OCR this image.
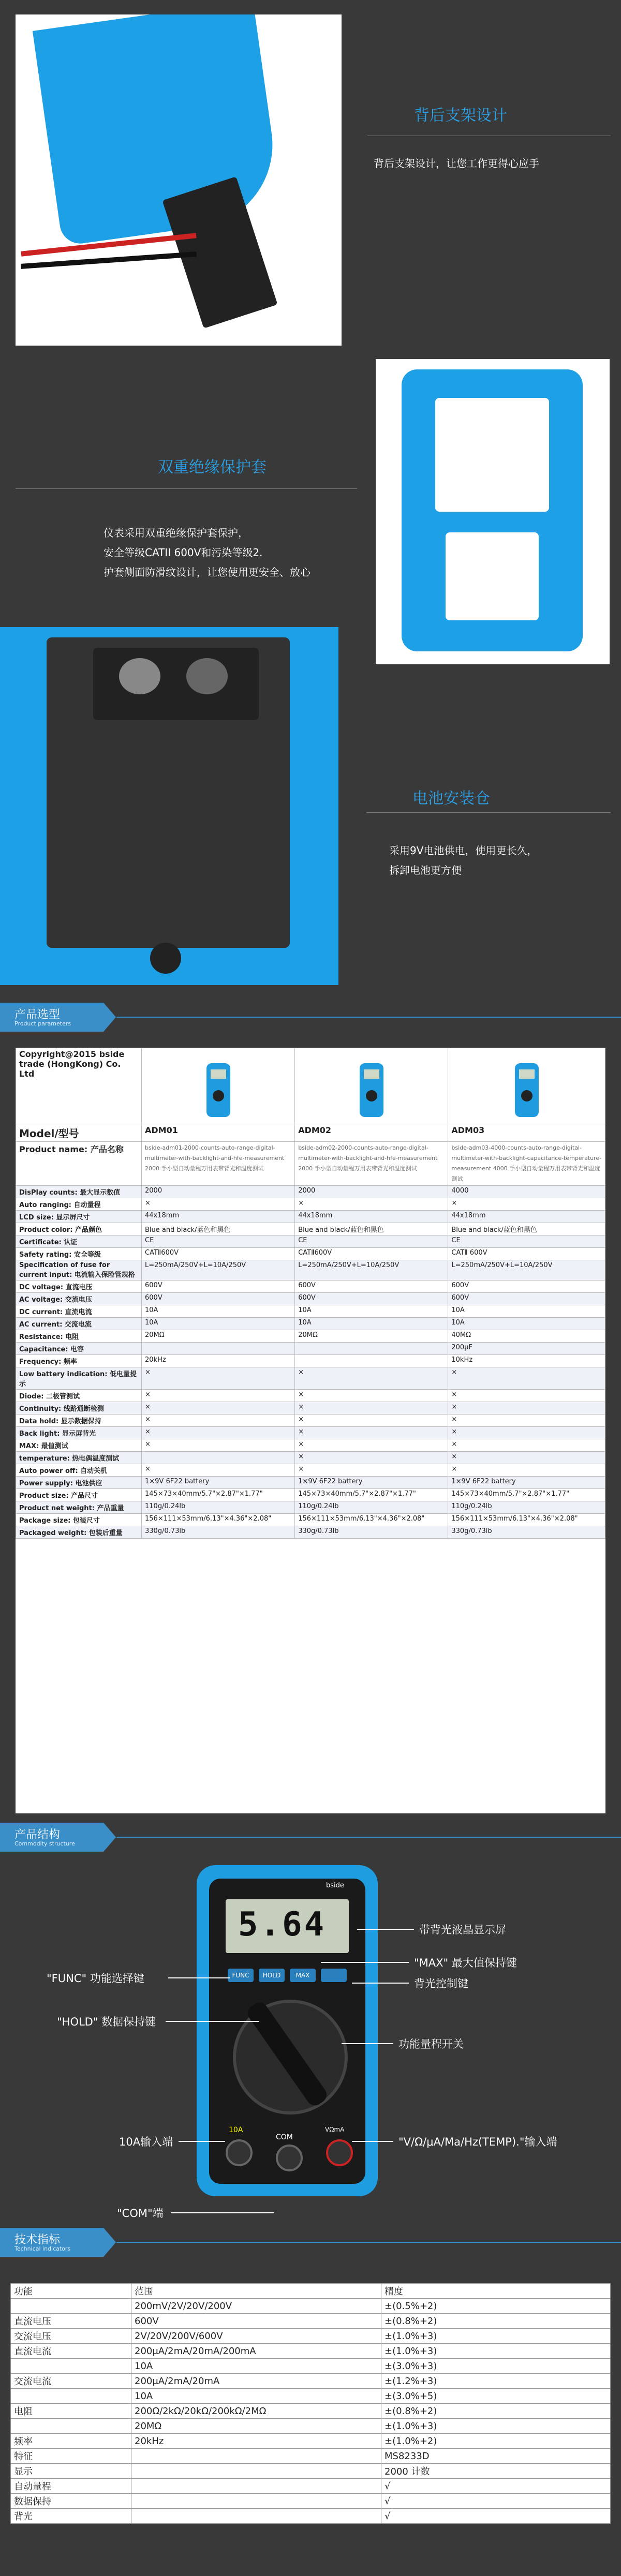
背后支架设计
背后支架设计，让您工作更得心应手
双重绝缘保护套
仪表采用双重绝缘保护套保护，
安全等级CATII 600V和污染等级2.
护套侧面防滑纹设计，让您使用更安全、放心
电池安装仓
采用9V电池供电，使用更长久，
拆卸电池更方便
产品选型
Product parameters
Copyright@2015 bside trade (HongKong) Co. Ltd	

Model/型号	ADM01	ADM02	ADM03
Product name: 产品名称	bside-adm01-2000-counts-auto-range-digital-multimeter-with-backlight-and-hfe-measurement 2000 手小型自动量程万用表带背光和温度测试	bside-adm02-2000-counts-auto-range-digital-multimeter-with-backlight-and-hfe-measurement 2000 手小型自动量程万用表带背光和温度测试	bside-adm03-4000-counts-auto-range-digital-multimeter-with-backlight-capacitance-temperature-measurement 4000 手小型自动量程万用表带背光和温度测试
DisPlay counts: 最大显示数值	2000	2000	4000
Auto ranging: 自动量程	×	×	×
LCD size: 显示屏尺寸	44x18mm	44x18mm	44x18mm
Product color: 产品颜色	Blue and black/蓝色和黑色	Blue and black/蓝色和黑色	Blue and black/蓝色和黑色
Certificate: 认证	CE	CE	CE
Safety rating: 安全等级	CATⅡ600V	CATⅡ600V	CATⅡ 600V
Specification of fuse for current input: 电流输入保险管规格	L=250mA/250V+L=10A/250V	L=250mA/250V+L=10A/250V	L=250mA/250V+L=10A/250V
DC voltage: 直流电压	600V	600V	600V
AC voltage: 交流电压	600V	600V	600V
DC current: 直流电流	10A	10A	10A
AC current: 交流电流	10A	10A	10A
Resistance: 电阻	20MΩ	20MΩ	40MΩ
Capacitance: 电容			200μF
Frequency: 频率	20kHz		10kHz
Low battery indication: 低电量提示	×	×	×
Diode: 二极管测试	×	×	×
Continuity: 线路通断检测	×	×	×
Data hold: 显示数据保持	×	×	×
Back light: 显示屏背光	×	×	×
MAX: 最值测试	×	×	×
temperature: 热电偶温度测试		×	×
Auto power off: 自动关机	×	×	×
Power supply: 电池供应	1×9V 6F22 battery	1×9V 6F22 battery	1×9V 6F22 battery
Product size: 产品尺寸	145×73×40mm/5.7"×2.87"×1.77"	145×73×40mm/5.7"×2.87"×1.77"	145×73×40mm/5.7"×2.87"×1.77"
Product net weight: 产品重量	110g/0.24lb	110g/0.24lb	110g/0.24lb
Package size: 包装尺寸	156×111×53mm/6.13"×4.36"×2.08"	156×111×53mm/6.13"×4.36"×2.08"	156×111×53mm/6.13"×4.36"×2.08"
Packaged weight: 包装后重量	330g/0.73lb	330g/0.73lb	330g/0.73lb
产品结构
Commodity structure
bside
5.64
FUNC	HOLD	MAX
10A
COM
VΩmA
带背光液晶显示屏
"MAX" 最大值保持键
"FUNC" 功能选择键	背光控制键
"HOLD" 数据保持键
功能量程开关
10A输入端	"V/Ω/μA/Ma/Hz(TEMP)."输入端
"COM"端
技术指标
Technical indicators
功能	范围	精度
	200mV/2V/20V/200V	±(0.5%+2)
直流电压	600V	±(0.8%+2)
交流电压	2V/20V/200V/600V	±(1.0%+3)
直流电流	200μA/2mA/20mA/200mA	±(1.0%+3)
	10A	±(3.0%+3)
交流电流	200μA/2mA/20mA	±(1.2%+3)
	10A	±(3.0%+5)
电阻	200Ω/2kΩ/20kΩ/200kΩ/2MΩ	±(0.8%+2)
	20MΩ	±(1.0%+3)
频率	20kHz	±(1.0%+2)
特征		MS8233D
显示		2000 计数
自动量程		√
数据保持		√
背光		√
